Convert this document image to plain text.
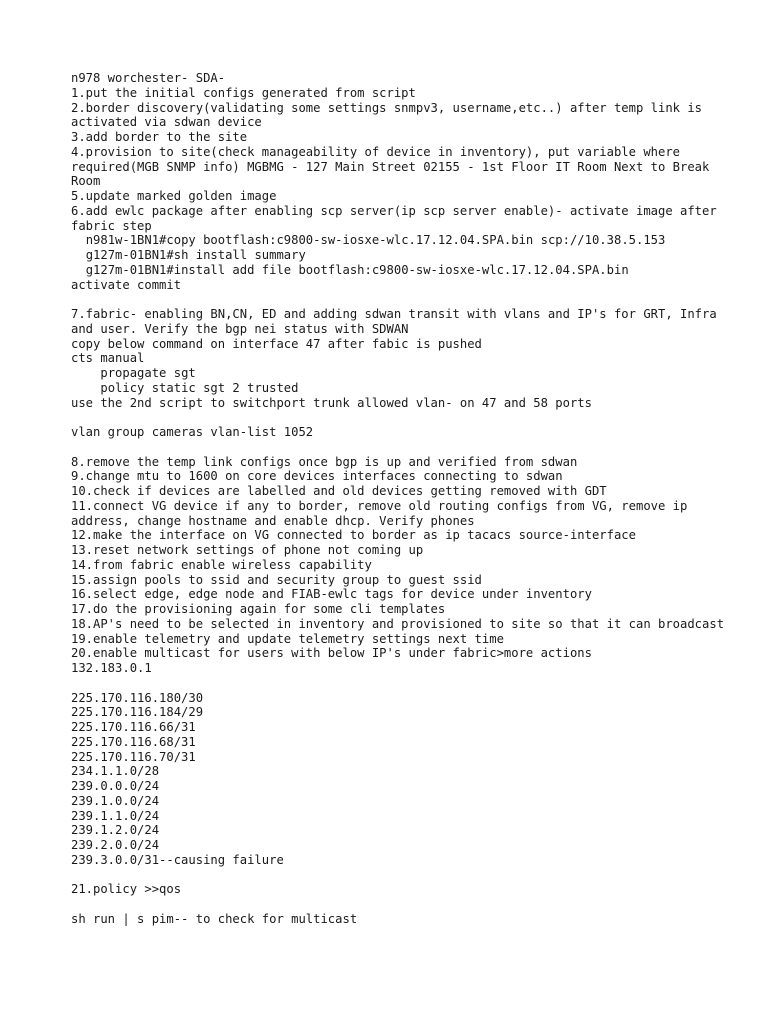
n978 worchester- SDA-
1.put the initial configs generated from script
2.border discovery(validating some settings snmpv3, username,etc..) after temp link is activated via sdwan device
3.add border to the site
4.provision to site(check manageability of device in inventory), put variable where required(MGB SNMP info) MGBMG - 127 Main Street 02155 - 1st Floor IT Room Next to Break Room
5.update marked golden image
6.add ewlc package after enabling scp server(ip scp server enable)- activate image after fabric step
n981w-1BN1#copy bootflash:c9800-sw-iosxe-wlc.17.12.04.SPA.bin scp://10.38.5.153
g127m-01BN1#sh install summary
g127m-01BN1#install add file bootflash:c9800-sw-iosxe-wlc.17.12.04.SPA.bin
activate commit
7.fabric- enabling BN,CN, ED and adding sdwan transit with vlans and IP's for GRT, Infra and user. Verify the bgp nei status with SDWAN
copy below command on interface 47 after fabic is pushed
cts manual
propagate sgt
policy static sgt 2 trusted
use the 2nd script to switchport trunk allowed vlan- on 47 and 58 ports
vlan group cameras vlan-list 1052
8.remove the temp link configs once bgp is up and verified from sdwan
9.change mtu to 1600 on core devices interfaces connecting to sdwan
10.check if devices are labelled and old devices getting removed with GDT
11.connect VG device if any to border, remove old routing configs from VG, remove ip address, change hostname and enable dhcp. Verify phones
12.make the interface on VG connected to border as ip tacacs source-interface
13.reset network settings of phone not coming up
14.from fabric enable wireless capability
15.assign pools to ssid and security group to guest ssid
16.select edge, edge node and FIAB-ewlc tags for device under inventory
17.do the provisioning again for some cli templates
18.AP's need to be selected in inventory and provisioned to site so that it can broadcast
19.enable telemetry and update telemetry settings next time
20.enable multicast for users with below IP's under fabric>more actions
132.183.0.1
225.170.116.180/30
225.170.116.184/29
225.170.116.66/31
225.170.116.68/31
225.170.116.70/31
234.1.1.0/28
239.0.0.0/24
239.1.0.0/24
239.1.1.0/24
239.1.2.0/24
239.2.0.0/24
239.3.0.0/31--causing failure
21.policy >>qos
sh run | s pim-- to check for multicast
